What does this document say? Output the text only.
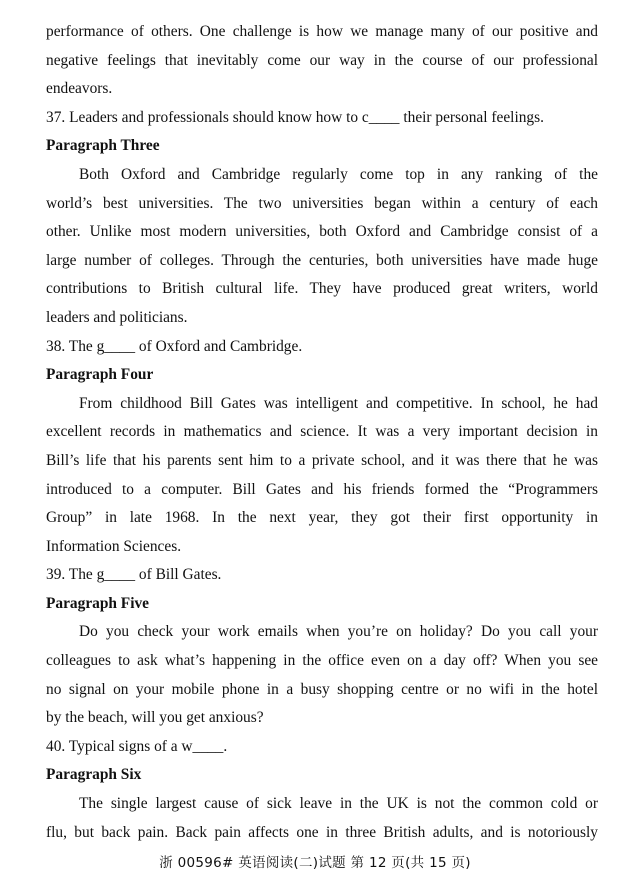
performance of others. One challenge is how we manage many of our positive and
negative feelings that inevitably come our way in the course of our professional
endeavors.
37. Leaders and professionals should know how to c____ their personal feelings.
Paragraph Three
Both Oxford and Cambridge regularly come top in any ranking of the
world’s best universities. The two universities began within a century of each
other. Unlike most modern universities, both Oxford and Cambridge consist of a
large number of colleges. Through the centuries, both universities have made huge
contributions to British cultural life. They have produced great writers, world
leaders and politicians.
38. The g____ of Oxford and Cambridge.
Paragraph Four
From childhood Bill Gates was intelligent and competitive. In school, he had
excellent records in mathematics and science. It was a very important decision in
Bill’s life that his parents sent him to a private school, and it was there that he was
introduced to a computer. Bill Gates and his friends formed the “Programmers
Group” in late 1968. In the next year, they got their first opportunity in
Information Sciences.
39. The g____ of Bill Gates.
Paragraph Five
Do you check your work emails when you’re on holiday? Do you call your
colleagues to ask what’s happening in the office even on a day off? When you see
no signal on your mobile phone in a busy shopping centre or no wifi in the hotel
by the beach, will you get anxious?
40. Typical signs of a w____.
Paragraph Six
The single largest cause of sick leave in the UK is not the common cold or
flu, but back pain. Back pain affects one in three British adults, and is notoriously
浙 00596# 英语阅读(二)试题 第 12 页(共 15 页)
